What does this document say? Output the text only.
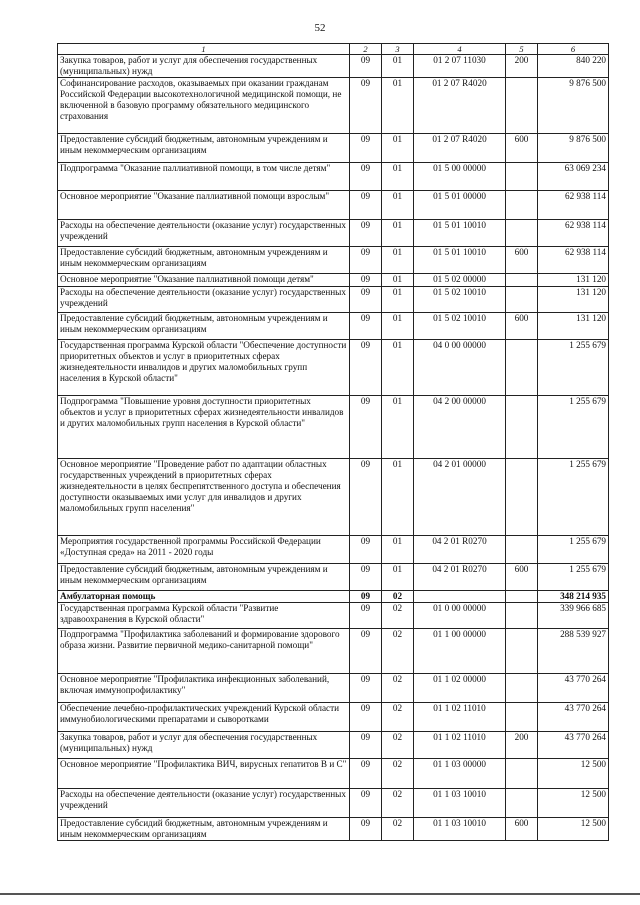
52
1	2	3	4	5	6
Закупка товаров, работ и услуг для обеспечения государственных (муниципальных) нужд	09	01	01 2 07 11030	200	840 220
Софинансирование расходов, оказываемых при оказании гражданам Российской Федерации высокотехнологичной медицинской помощи, не включенной в базовую программу обязательного медицинского страхования	09	01	01 2 07 R4020		9 876 500
Предоставление субсидий бюджетным, автономным учреждениям и иным некоммерческим организациям	09	01	01 2 07 R4020	600	9 876 500
Подпрограмма "Оказание паллиативной помощи, в том числе детям"	09	01	01 5 00 00000		63 069 234
Основное мероприятие "Оказание паллиативной помощи взрослым"	09	01	01 5 01 00000		62 938 114
Расходы на обеспечение деятельности (оказание услуг) государственных учреждений	09	01	01 5 01 10010		62 938 114
Предоставление субсидий бюджетным, автономным учреждениям и иным некоммерческим организациям	09	01	01 5 01 10010	600	62 938 114
Основное мероприятие "Оказание паллиативной помощи детям"	09	01	01 5 02 00000		131 120
Расходы на обеспечение деятельности (оказание услуг) государственных учреждений	09	01	01 5 02 10010		131 120
Предоставление субсидий бюджетным, автономным учреждениям и иным некоммерческим организациям	09	01	01 5 02 10010	600	131 120
Государственная программа Курской области "Обеспечение доступности приоритетных объектов и услуг в приоритетных сферах жизнедеятельности инвалидов и других маломобильных групп населения в Курской области"	09	01	04 0 00 00000		1 255 679
Подпрограмма "Повышение уровня доступности приоритетных объектов и услуг в приоритетных сферах жизнедеятельности инвалидов и других маломобильных групп населения в Курской области"	09	01	04 2 00 00000		1 255 679
Основное мероприятие "Проведение работ по адаптации областных государственных учреждений в приоритетных сферах жизнедеятельности в целях беспрепятственного доступа и обеспечения доступности оказываемых ими услуг для инвалидов и других маломобильных групп населения"	09	01	04 2 01 00000		1 255 679
Мероприятия государственной программы Российской Федерации «Доступная среда» на 2011 - 2020 годы	09	01	04 2 01 R0270		1 255 679
Предоставление субсидий бюджетным, автономным учреждениям и иным некоммерческим организациям	09	01	04 2 01 R0270	600	1 255 679
Амбулаторная помощь	09	02			348 214 935
Государственная программа Курской области "Развитие здравоохранения в Курской области"	09	02	01 0 00 00000		339 966 685
Подпрограмма "Профилактика заболеваний и формирование здорового образа жизни. Развитие первичной медико-санитарной помощи"	09	02	01 1 00 00000		288 539 927
Основное мероприятие "Профилактика инфекционных заболеваний, включая иммунопрофилактику"	09	02	01 1 02 00000		43 770 264
Обеспечение лечебно-профилактических учреждений Курской области иммунобиологическими препаратами и сыворотками	09	02	01 1 02 11010		43 770 264
Закупка товаров, работ и услуг для обеспечения государственных (муниципальных) нужд	09	02	01 1 02 11010	200	43 770 264
Основное мероприятие "Профилактика ВИЧ, вирусных гепатитов В и С"	09	02	01 1 03 00000		12 500
Расходы на обеспечение деятельности (оказание услуг) государственных учреждений	09	02	01 1 03 10010		12 500
Предоставление субсидий бюджетным, автономным учреждениям и иным некоммерческим организациям	09	02	01 1 03 10010	600	12 500
